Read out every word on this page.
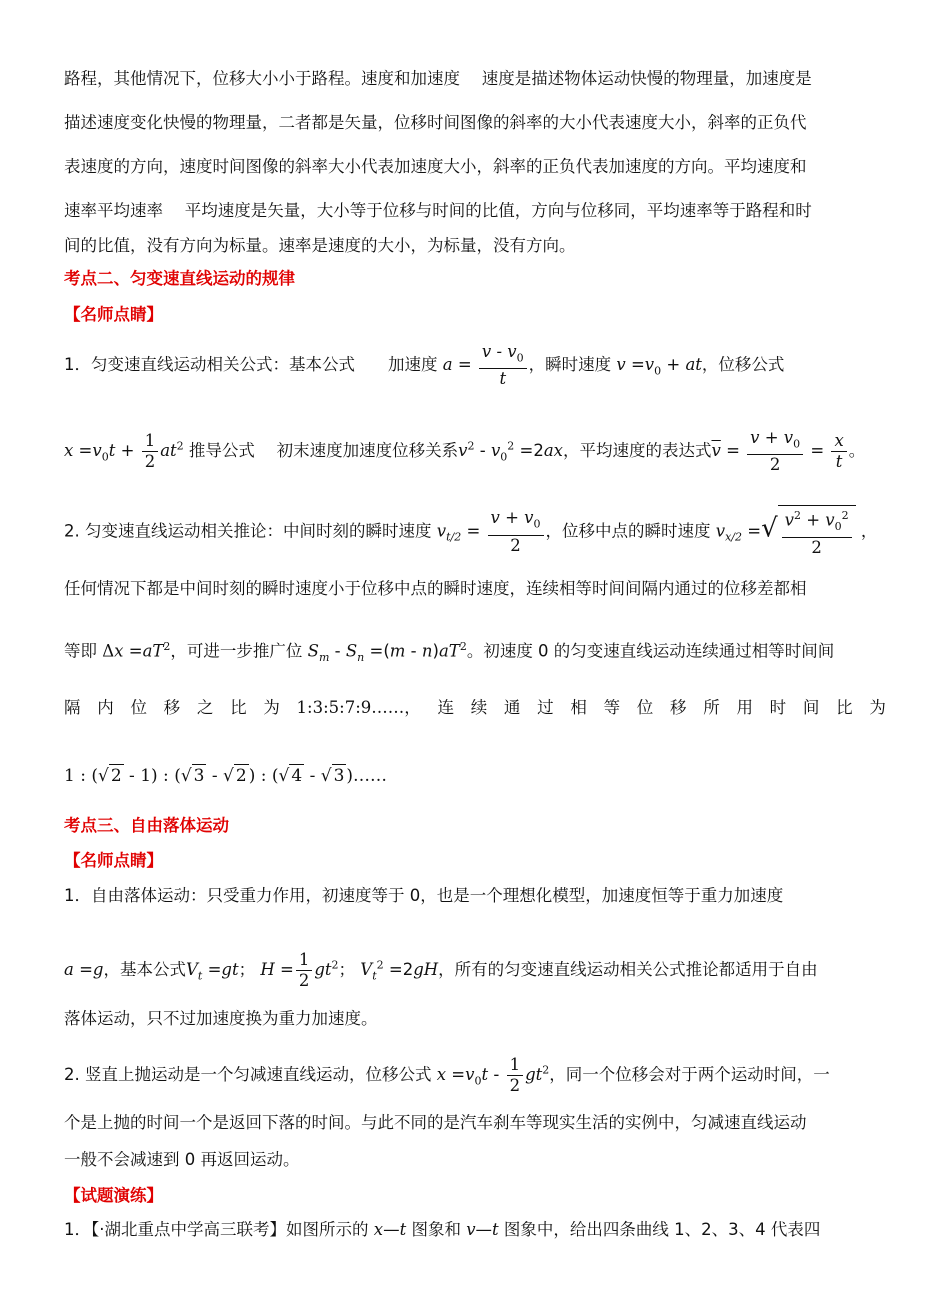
路程，其他情况下，位移大小小于路程。速度和加速度　 速度是描述物体运动快慢的物理量，加速度是
描述速度变化快慢的物理量，二者都是矢量，位移时间图像的斜率的大小代表速度大小，斜率的正负代
表速度的方向，速度时间图像的斜率大小代表加速度大小，斜率的正负代表加速度的方向。平均速度和
速率平均速率　 平均速度是矢量，大小等于位移与时间的比值，方向与位移同，平均速率等于路程和时
间的比值，没有方向为标量。速率是速度的大小，为标量，没有方向。
考点二、匀变速直线运动的规律
【名师点睛】
1．匀变速直线运动相关公式：基本公式　　加速度 $a = \frac{v - v_0}{t}$ ，瞬时速度 $v =v_0$ + at，位移公式
$x =v_0t + \frac{1}{2} at^2$ 推导公式　 初末速度加速度位移关系$v^2 - v_0^2 =2ax$，平均速度的表达式$\overline{v} = \frac{v + v_0}{2} = \frac{x}{t}$ 。
2. 匀变速直线运动相关推论：中间时刻的瞬时速度 $v_{t/2} = \frac{v + v_0}{2}$ ，位移中点的瞬时速度 $v_{x/2}$ =√ $\frac{v^2 + v_0^2}{2}$ ，
任何情况下都是中间时刻的瞬时速度小于位移中点的瞬时速度，连续相等时间间隔内通过的位移差都相
等即 $\Delta x =aT^2$，可进一步推广位 $S_m - S_n =(m - n)aT^2$。初速度 0 的匀变速直线运动连续通过相等时间间
隔 内 位 移 之 比 为 1:3:5:7:9……， 连 续 通 过 相 等 位 移 所 用 时 间 比 为
1 : (√ 2 - 1) : (√ 3 - √ 2 ) : (√ 4 - √ 3 )……
考点三、自由落体运动
【名师点睛】
1．自由落体运动：只受重力作用，初速度等于 0，也是一个理想化模型，加速度恒等于重力加速度
a =g，基本公式$V_t =gt$； $H = \frac{1}{2} gt^2$； $V_t^2 =2gH$，所有的匀变速直线运动相关公式推论都适用于自由
落体运动，只不过加速度换为重力加速度。
2. 竖直上抛运动是一个匀减速直线运动，位移公式 $x =v_0t - \frac{1}{2} gt^2$，同一个位移会对于两个运动时间，一
个是上抛的时间一个是返回下落的时间。与此不同的是汽车刹车等现实生活的实例中，匀减速直线运动
一般不会减速到 0 再返回运动。
【试题演练】
1．【·湖北重点中学高三联考】如图所示的 x—t 图象和 v—t 图象中，给出四条曲线 1、2、3、4 代表四
